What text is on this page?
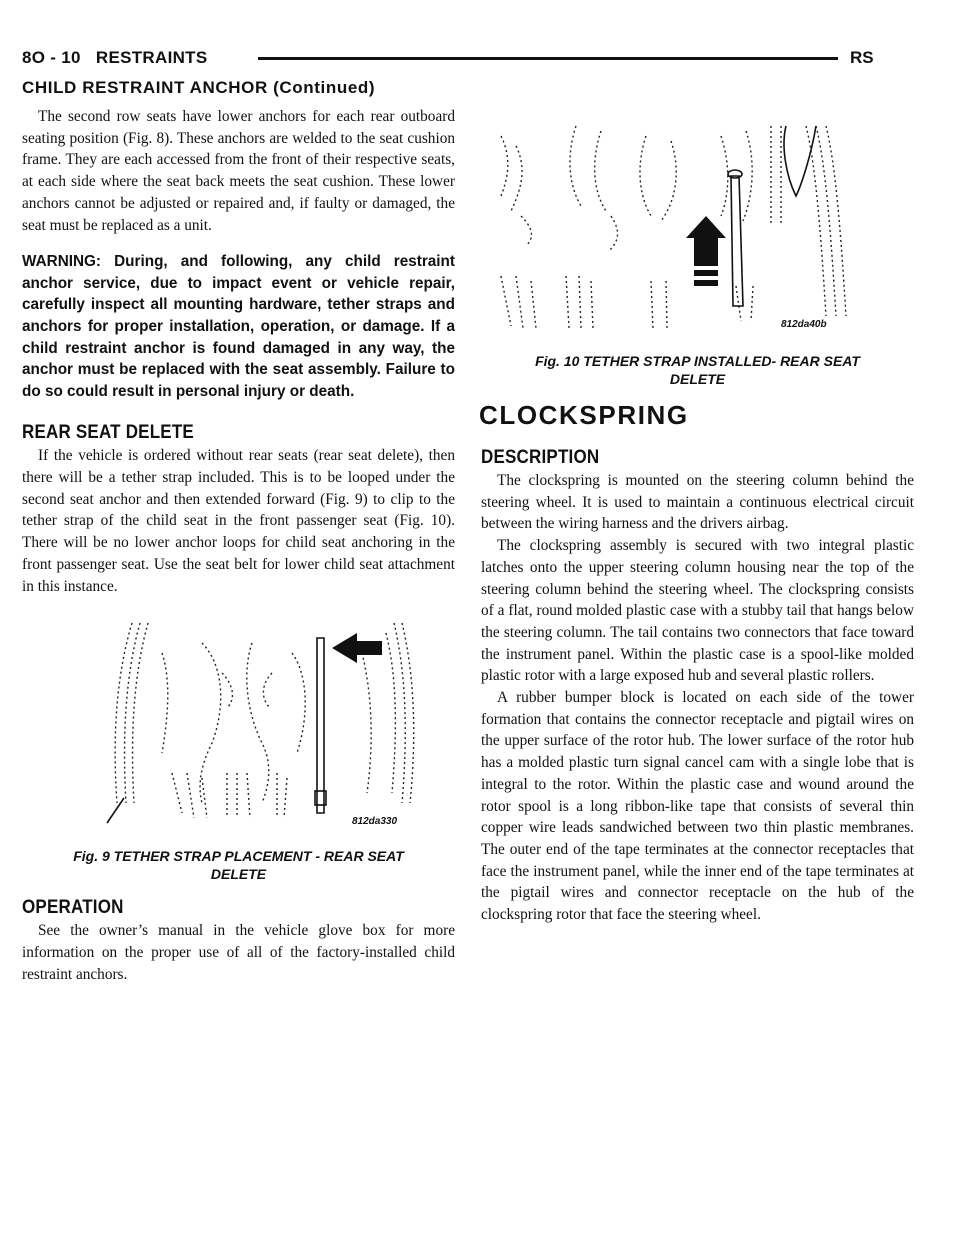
8O - 10 RESTRAINTS	RS
CHILD RESTRAINT ANCHOR (Continued)

The second row seats have lower anchors for each rear outboard seating position (Fig. 8). These anchors are welded to the seat cushion frame. They are each accessed from the front of their respective seats, at each side where the seat back meets the seat cushion. These lower anchors cannot be adjusted or repaired and, if faulty or damaged, the seat must be replaced as a unit.

WARNING: During, and following, any child restraint anchor service, due to impact event or vehicle repair, carefully inspect all mounting hardware, tether straps and anchors for proper installation, operation, or damage. If a child restraint anchor is found damaged in any way, the anchor must be replaced with the seat assembly. Failure to do so could result in personal injury or death.

REAR SEAT DELETE

If the vehicle is ordered without rear seats (rear seat delete), then there will be a tether strap included. This is to be looped under the second seat anchor and then extended forward (Fig. 9) to clip to the tether strap of the child seat in the front passenger seat (Fig. 10). There will be no lower anchor loops for child seat anchoring in the front passenger seat. Use the seat belt for lower child seat attachment in this instance.

812da330
Fig. 9 TETHER STRAP PLACEMENT - REAR SEAT
DELETE
OPERATION

See the owner’s manual in the vehicle glove box for more information on the proper use of all of the factory-installed child restraint anchors.

812da40b
Fig. 10 TETHER STRAP INSTALLED- REAR SEAT
DELETE
CLOCKSPRING
DESCRIPTION

The clockspring is mounted on the steering column behind the steering wheel. It is used to maintain a continuous electrical circuit between the wiring harness and the drivers airbag.

The clockspring assembly is secured with two integral plastic latches onto the upper steering column housing near the top of the steering column behind the steering wheel. The clockspring consists of a flat, round molded plastic case with a stubby tail that hangs below the steering column. The tail contains two connectors that face toward the instrument panel. Within the plastic case is a spool-like molded plastic rotor with a large exposed hub and several plastic rollers.

A rubber bumper block is located on each side of the tower formation that contains the connector receptacle and pigtail wires on the upper surface of the rotor hub. The lower surface of the rotor hub has a molded plastic turn signal cancel cam with a single lobe that is integral to the rotor. Within the plastic case and wound around the rotor spool is a long ribbon-like tape that consists of several thin copper wire leads sandwiched between two thin plastic membranes. The outer end of the tape terminates at the connector receptacles that face the instrument panel, while the inner end of the tape terminates at the pigtail wires and connector receptacle on the hub of the clockspring rotor that face the steering wheel.
